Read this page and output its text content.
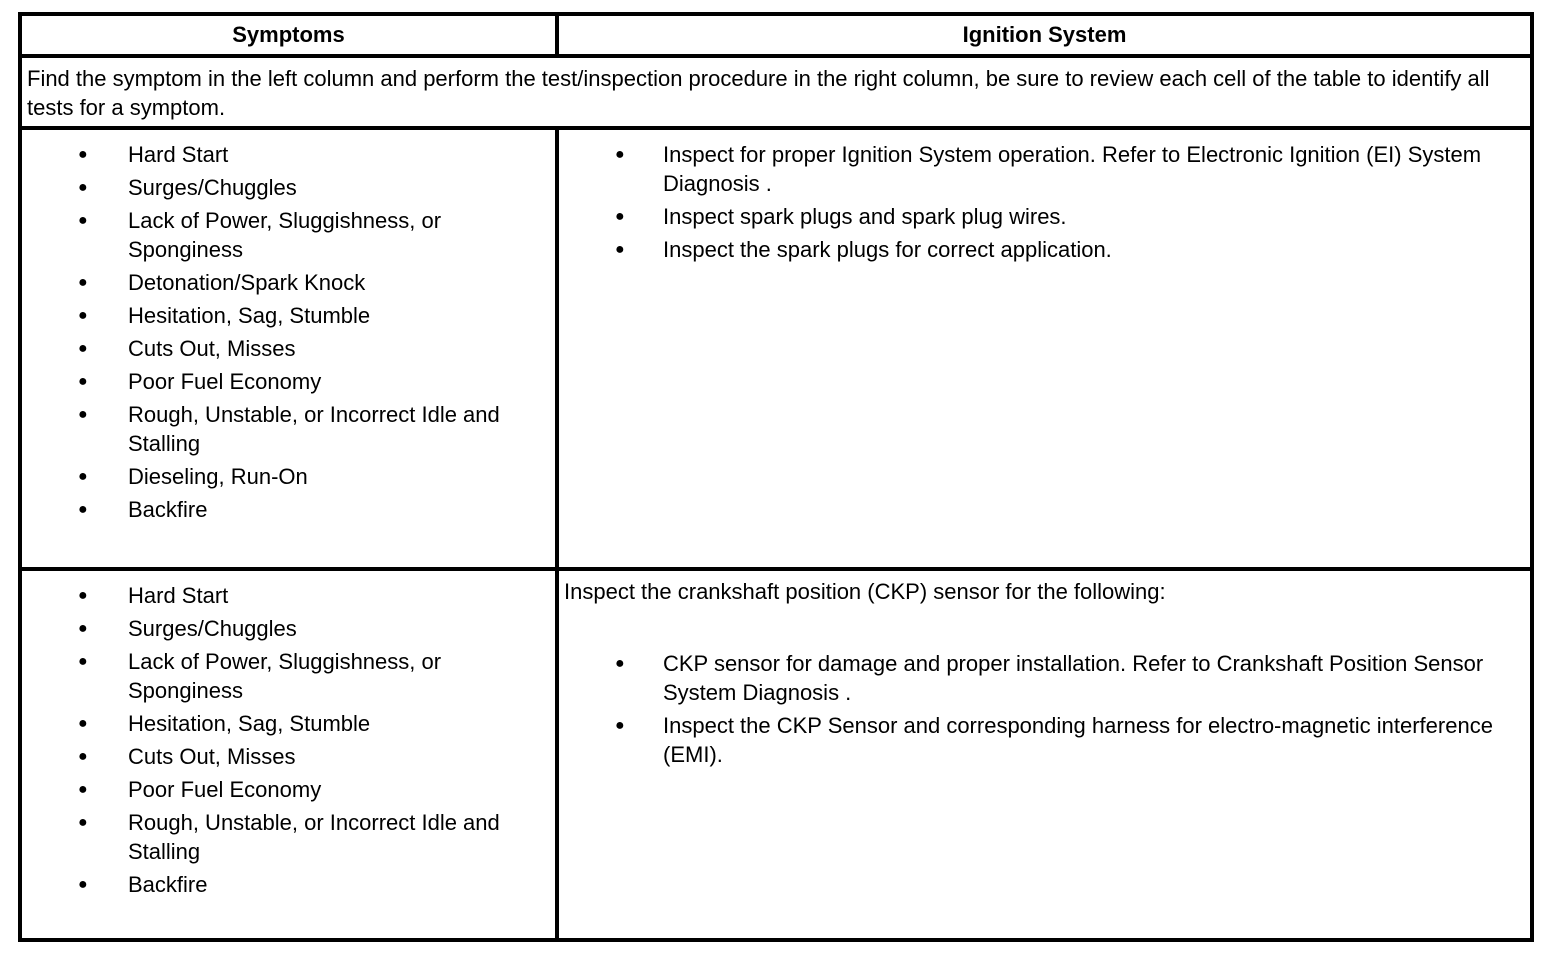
Symptoms	Ignition System
Find the symptom in the left column and perform the test/inspection procedure in the right column, be sure to review each cell of the table to identify all tests for a symptom.
● Hard Start
● Surges/Chuggles
● Lack of Power, Sluggishness, or Sponginess
● Detonation/Spark Knock
● Hesitation, Sag, Stumble
● Cuts Out, Misses
● Poor Fuel Economy
● Rough, Unstable, or Incorrect Idle and Stalling
● Dieseling, Run-On
● Backfire
● Inspect for proper Ignition System operation. Refer to Electronic Ignition (EI) System Diagnosis .
● Inspect spark plugs and spark plug wires.
● Inspect the spark plugs for correct application.
● Hard Start
● Surges/Chuggles
● Lack of Power, Sluggishness, or Sponginess
● Hesitation, Sag, Stumble
● Cuts Out, Misses
● Poor Fuel Economy
● Rough, Unstable, or Incorrect Idle and Stalling
● Backfire
Inspect the crankshaft position (CKP) sensor for the following:
● CKP sensor for damage and proper installation. Refer to Crankshaft Position Sensor System Diagnosis .
● Inspect the CKP Sensor and corresponding harness for electro-magnetic interference (EMI).
